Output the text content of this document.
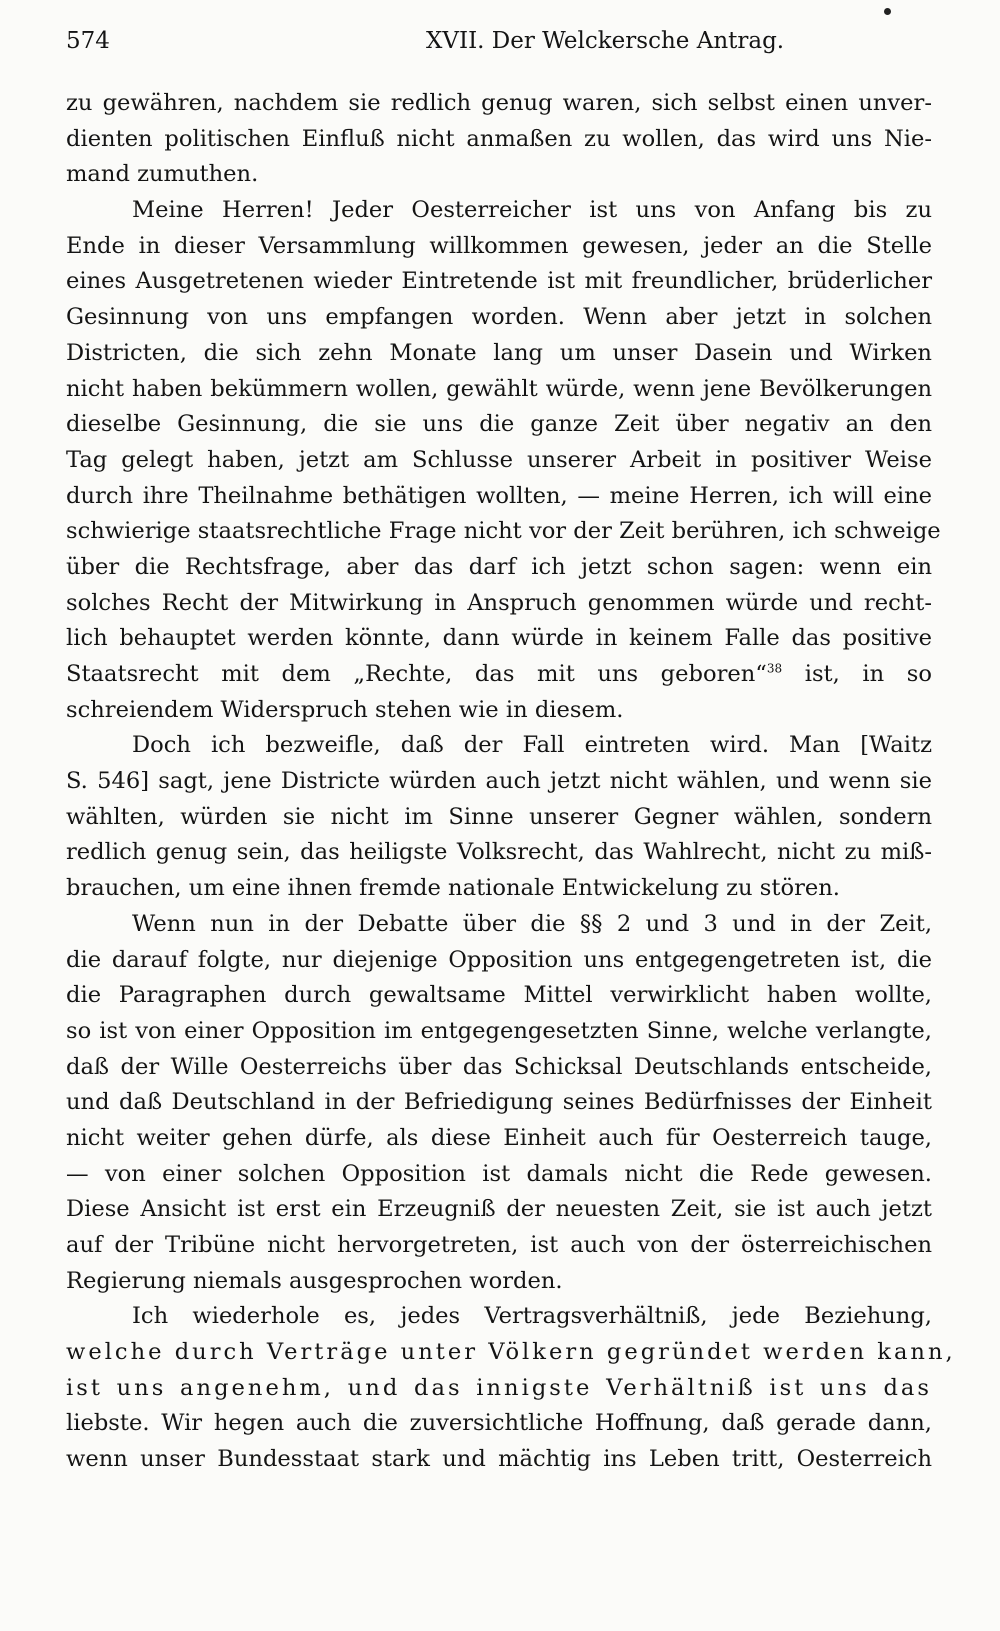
574	XVII. Der Welckersche Antrag.
zu gewähren, nachdem sie redlich genug waren, sich selbst einen unver-
dienten politischen Einfluß nicht anmaßen zu wollen, das wird uns Nie-
mand zumuthen.
Meine Herren! Jeder Oesterreicher ist uns von Anfang bis zu
Ende in dieser Versammlung willkommen gewesen, jeder an die Stelle
eines Ausgetretenen wieder Eintretende ist mit freundlicher, brüderlicher
Gesinnung von uns empfangen worden. Wenn aber jetzt in solchen
Districten, die sich zehn Monate lang um unser Dasein und Wirken
nicht haben bekümmern wollen, gewählt würde, wenn jene Bevölkerungen
dieselbe Gesinnung, die sie uns die ganze Zeit über negativ an den
Tag gelegt haben, jetzt am Schlusse unserer Arbeit in positiver Weise
durch ihre Theilnahme bethätigen wollten, — meine Herren, ich will eine
schwierige staatsrechtliche Frage nicht vor der Zeit berühren, ich schweige
über die Rechtsfrage, aber das darf ich jetzt schon sagen: wenn ein
solches Recht der Mitwirkung in Anspruch genommen würde und recht-
lich behauptet werden könnte, dann würde in keinem Falle das positive
Staatsrecht mit dem „Rechte, das mit uns geboren“$^{38}$ ist, in so
schreiendem Widerspruch stehen wie in diesem.
Doch ich bezweifle, daß der Fall eintreten wird. Man [Waitz
S. 546] sagt, jene Districte würden auch jetzt nicht wählen, und wenn sie
wählten, würden sie nicht im Sinne unserer Gegner wählen, sondern
redlich genug sein, das heiligste Volksrecht, das Wahlrecht, nicht zu miß-
brauchen, um eine ihnen fremde nationale Entwickelung zu stören.
Wenn nun in der Debatte über die §§ 2 und 3 und in der Zeit,
die darauf folgte, nur diejenige Opposition uns entgegengetreten ist, die
die Paragraphen durch gewaltsame Mittel verwirklicht haben wollte,
so ist von einer Opposition im entgegengesetzten Sinne, welche verlangte,
daß der Wille Oesterreichs über das Schicksal Deutschlands entscheide,
und daß Deutschland in der Befriedigung seines Bedürfnisses der Einheit
nicht weiter gehen dürfe, als diese Einheit auch für Oesterreich tauge,
— von einer solchen Opposition ist damals nicht die Rede gewesen.
Diese Ansicht ist erst ein Erzeugniß der neuesten Zeit, sie ist auch jetzt
auf der Tribüne nicht hervorgetreten, ist auch von der österreichischen
Regierung niemals ausgesprochen worden.
Ich wiederhole es, jedes Vertragsverhältniß, jede Beziehung,
welche durch Verträge unter Völkern gegründet werden kann,
ist uns angenehm, und das innigste Verhältniß ist uns das
liebste. Wir hegen auch die zuversichtliche Hoffnung, daß gerade dann,
wenn unser Bundesstaat stark und mächtig ins Leben tritt, Oesterreich
